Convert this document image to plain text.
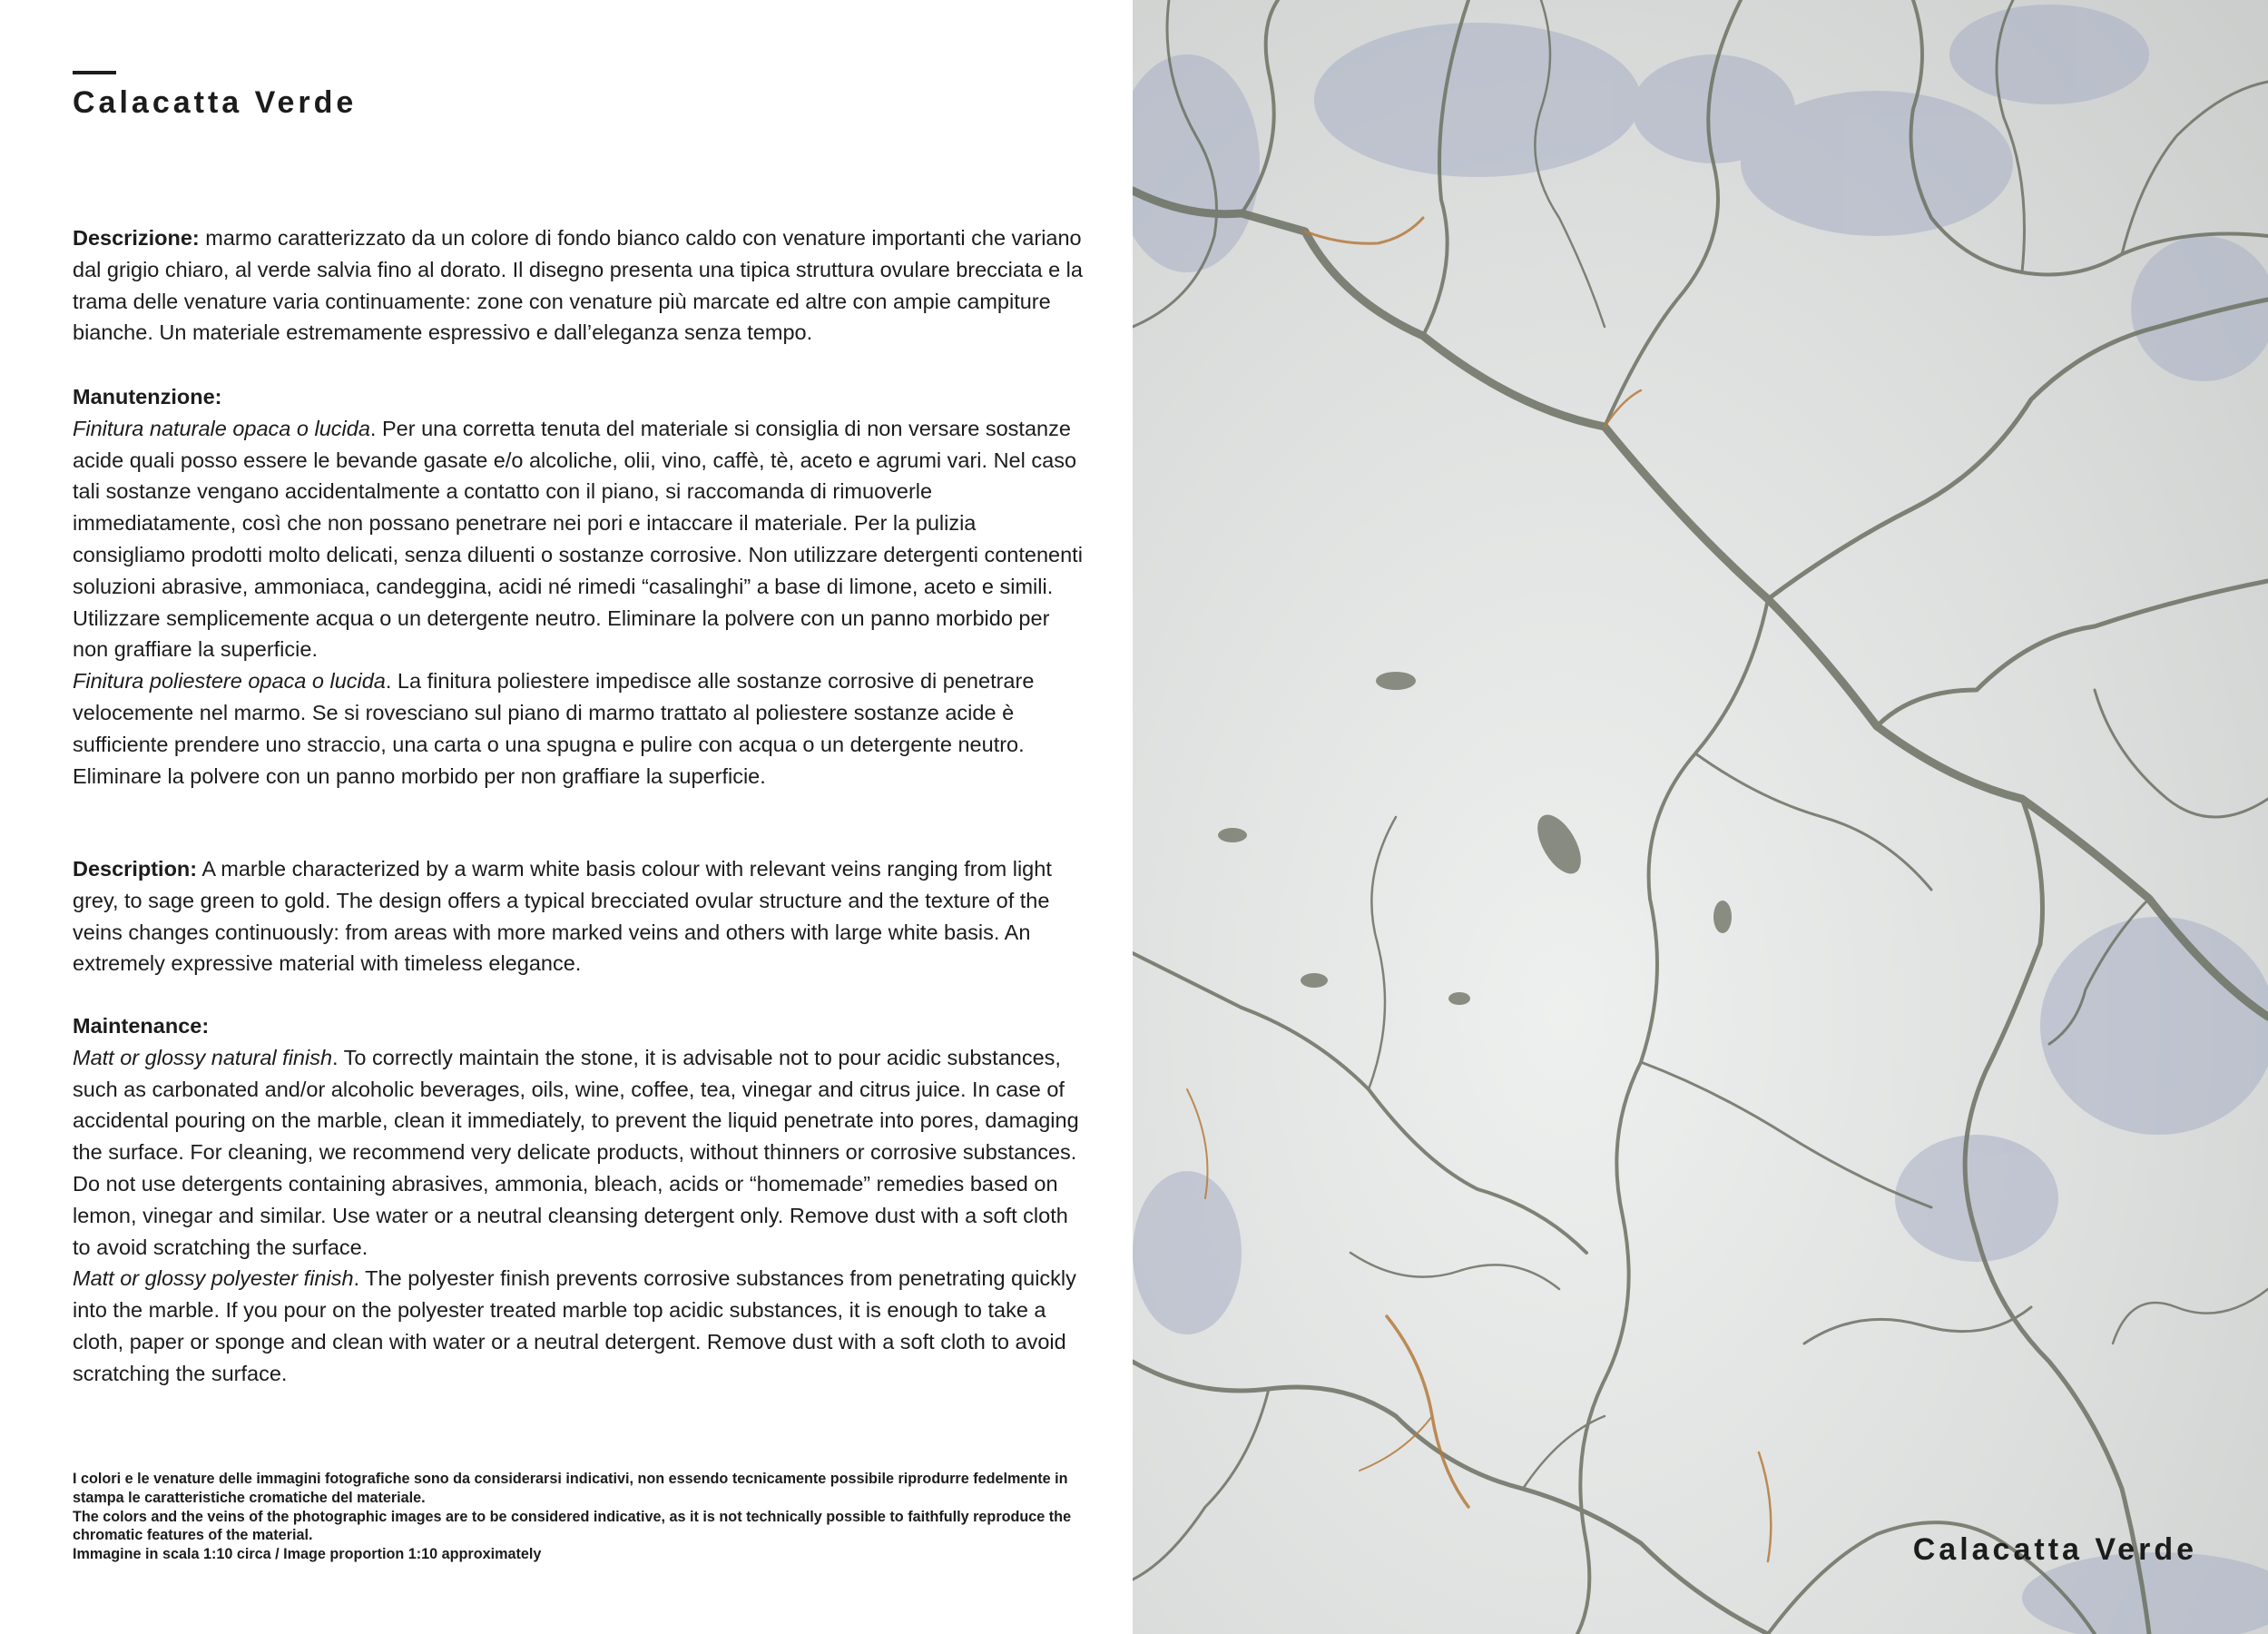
Calacatta Verde

Descrizione: marmo caratterizzato da un colore di fondo bianco caldo con venature importanti che variano dal grigio chiaro, al verde salvia fino al dorato. Il disegno presenta una tipica struttura ovulare brecciata e la trama delle venature varia continuamente: zone con venature più marcate ed altre con ampie campiture bianche. Un materiale estremamente espressivo e dall’eleganza senza tempo.

Manutenzione:

Finitura naturale opaca o lucida. Per una corretta tenuta del materiale si consiglia di non versare sostanze acide quali posso essere le bevande gasate e/o alcoliche, olii, vino, caffè, tè, aceto e agrumi vari. Nel caso tali sostanze vengano accidentalmente a contatto con il piano, si raccomanda di rimuoverle immediatamente, così che non possano penetrare nei pori e intaccare il materiale. Per la pulizia consigliamo prodotti molto delicati, senza diluenti o sostanze corrosive. Non utilizzare detergenti contenenti soluzioni abrasive, ammoniaca, candeggina, acidi né rimedi “casalinghi” a base di limone, aceto e simili. Utilizzare semplicemente acqua o un detergente neutro. Eliminare la polvere con un panno morbido per non graffiare la superficie.

Finitura poliestere opaca o lucida. La finitura poliestere impedisce alle sostanze corrosive di penetrare velocemente nel marmo. Se si rovesciano sul piano di marmo trattato al poliestere sostanze acide è sufficiente prendere uno straccio, una carta o una spugna e pulire con acqua o un detergente neutro. Eliminare la polvere con un panno morbido per non graffiare la superficie.

Description: A marble characterized by a warm white basis colour with relevant veins ranging from light grey, to sage green to gold. The design offers a typical brecciated ovular structure and the texture of the veins changes continuously: from areas with more marked veins and others with large white basis. An extremely expressive material with timeless elegance.

Maintenance:

Matt or glossy natural finish. To correctly maintain the stone, it is advisable not to pour acidic substances, such as carbonated and/or alcoholic beverages, oils, wine, coffee, tea, vinegar and citrus juice. In case of accidental pouring on the marble, clean it immediately, to prevent the liquid penetrate into pores, damaging the surface. For cleaning, we recommend very delicate products, without thinners or corrosive substances. Do not use detergents containing abrasives, ammonia, bleach, acids or “homemade” remedies based on lemon, vinegar and similar. Use water or a neutral cleansing detergent only. Remove dust with a soft cloth to avoid scratching the surface.

Matt or glossy polyester finish. The polyester finish prevents corrosive substances from penetrating quickly into the marble. If you pour on the polyester treated marble top acidic substances, it is enough to take a cloth, paper or sponge and clean with water or a neutral detergent. Remove dust with a soft cloth to avoid scratching the surface.

I colori e le venature delle immagini fotografiche sono da considerarsi indicativi, non essendo tecnicamente possibile riprodurre fedelmente in stampa le caratteristiche cromatiche del materiale.

The colors and the veins of the photographic images are to be considered indicative, as it is not technically possible to faithfully reproduce the chromatic features of the material.

Immagine in scala 1:10 circa / Image proportion 1:10 approximately	Calacatta Verde
